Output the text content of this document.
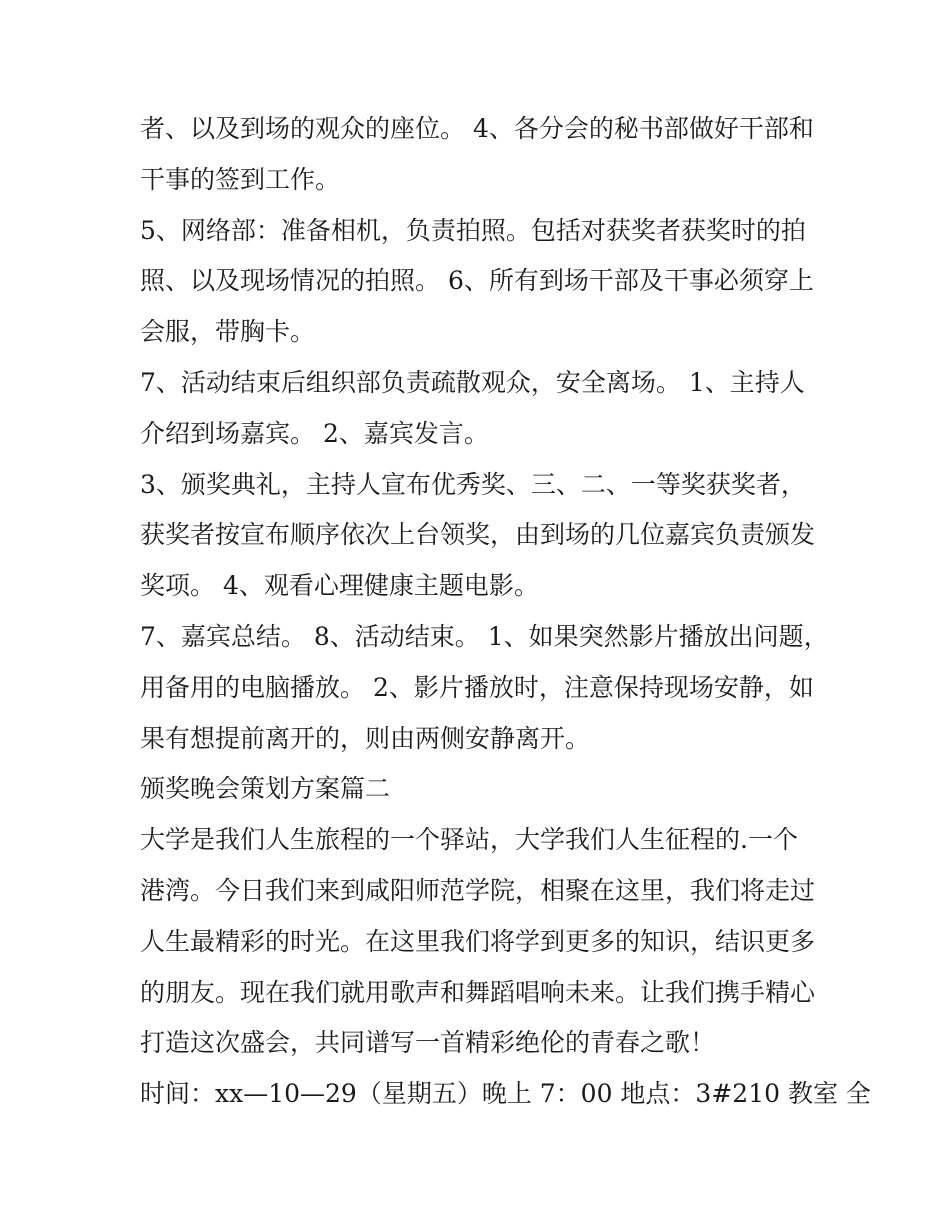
者、以及到场的观众的座位。 4、各分会的秘书部做好干部和
干事的签到工作。
5、网络部：准备相机，负责拍照。包括对获奖者获奖时的拍
照、以及现场情况的拍照。 6、所有到场干部及干事必须穿上
会服，带胸卡。
7、活动结束后组织部负责疏散观众，安全离场。 1、主持人
介绍到场嘉宾。 2、嘉宾发言。
3、颁奖典礼，主持人宣布优秀奖、三、二、一等奖获奖者，
获奖者按宣布顺序依次上台领奖，由到场的几位嘉宾负责颁发
奖项。 4、观看心理健康主题电影。
7、嘉宾总结。 8、活动结束。 1、如果突然影片播放出问题，
用备用的电脑播放。 2、影片播放时，注意保持现场安静，如
果有想提前离开的，则由两侧安静离开。
颁奖晚会策划方案篇二
大学是我们人生旅程的一个驿站，大学我们人生征程的.一个
港湾。今日我们来到咸阳师范学院，相聚在这里，我们将走过
人生最精彩的时光。在这里我们将学到更多的知识，结识更多
的朋友。现在我们就用歌声和舞蹈唱响未来。让我们携手精心
打造这次盛会，共同谱写一首精彩绝伦的青春之歌！
时间：xx—10—29（星期五）晚上 7：00 地点：3#210 教室 全
